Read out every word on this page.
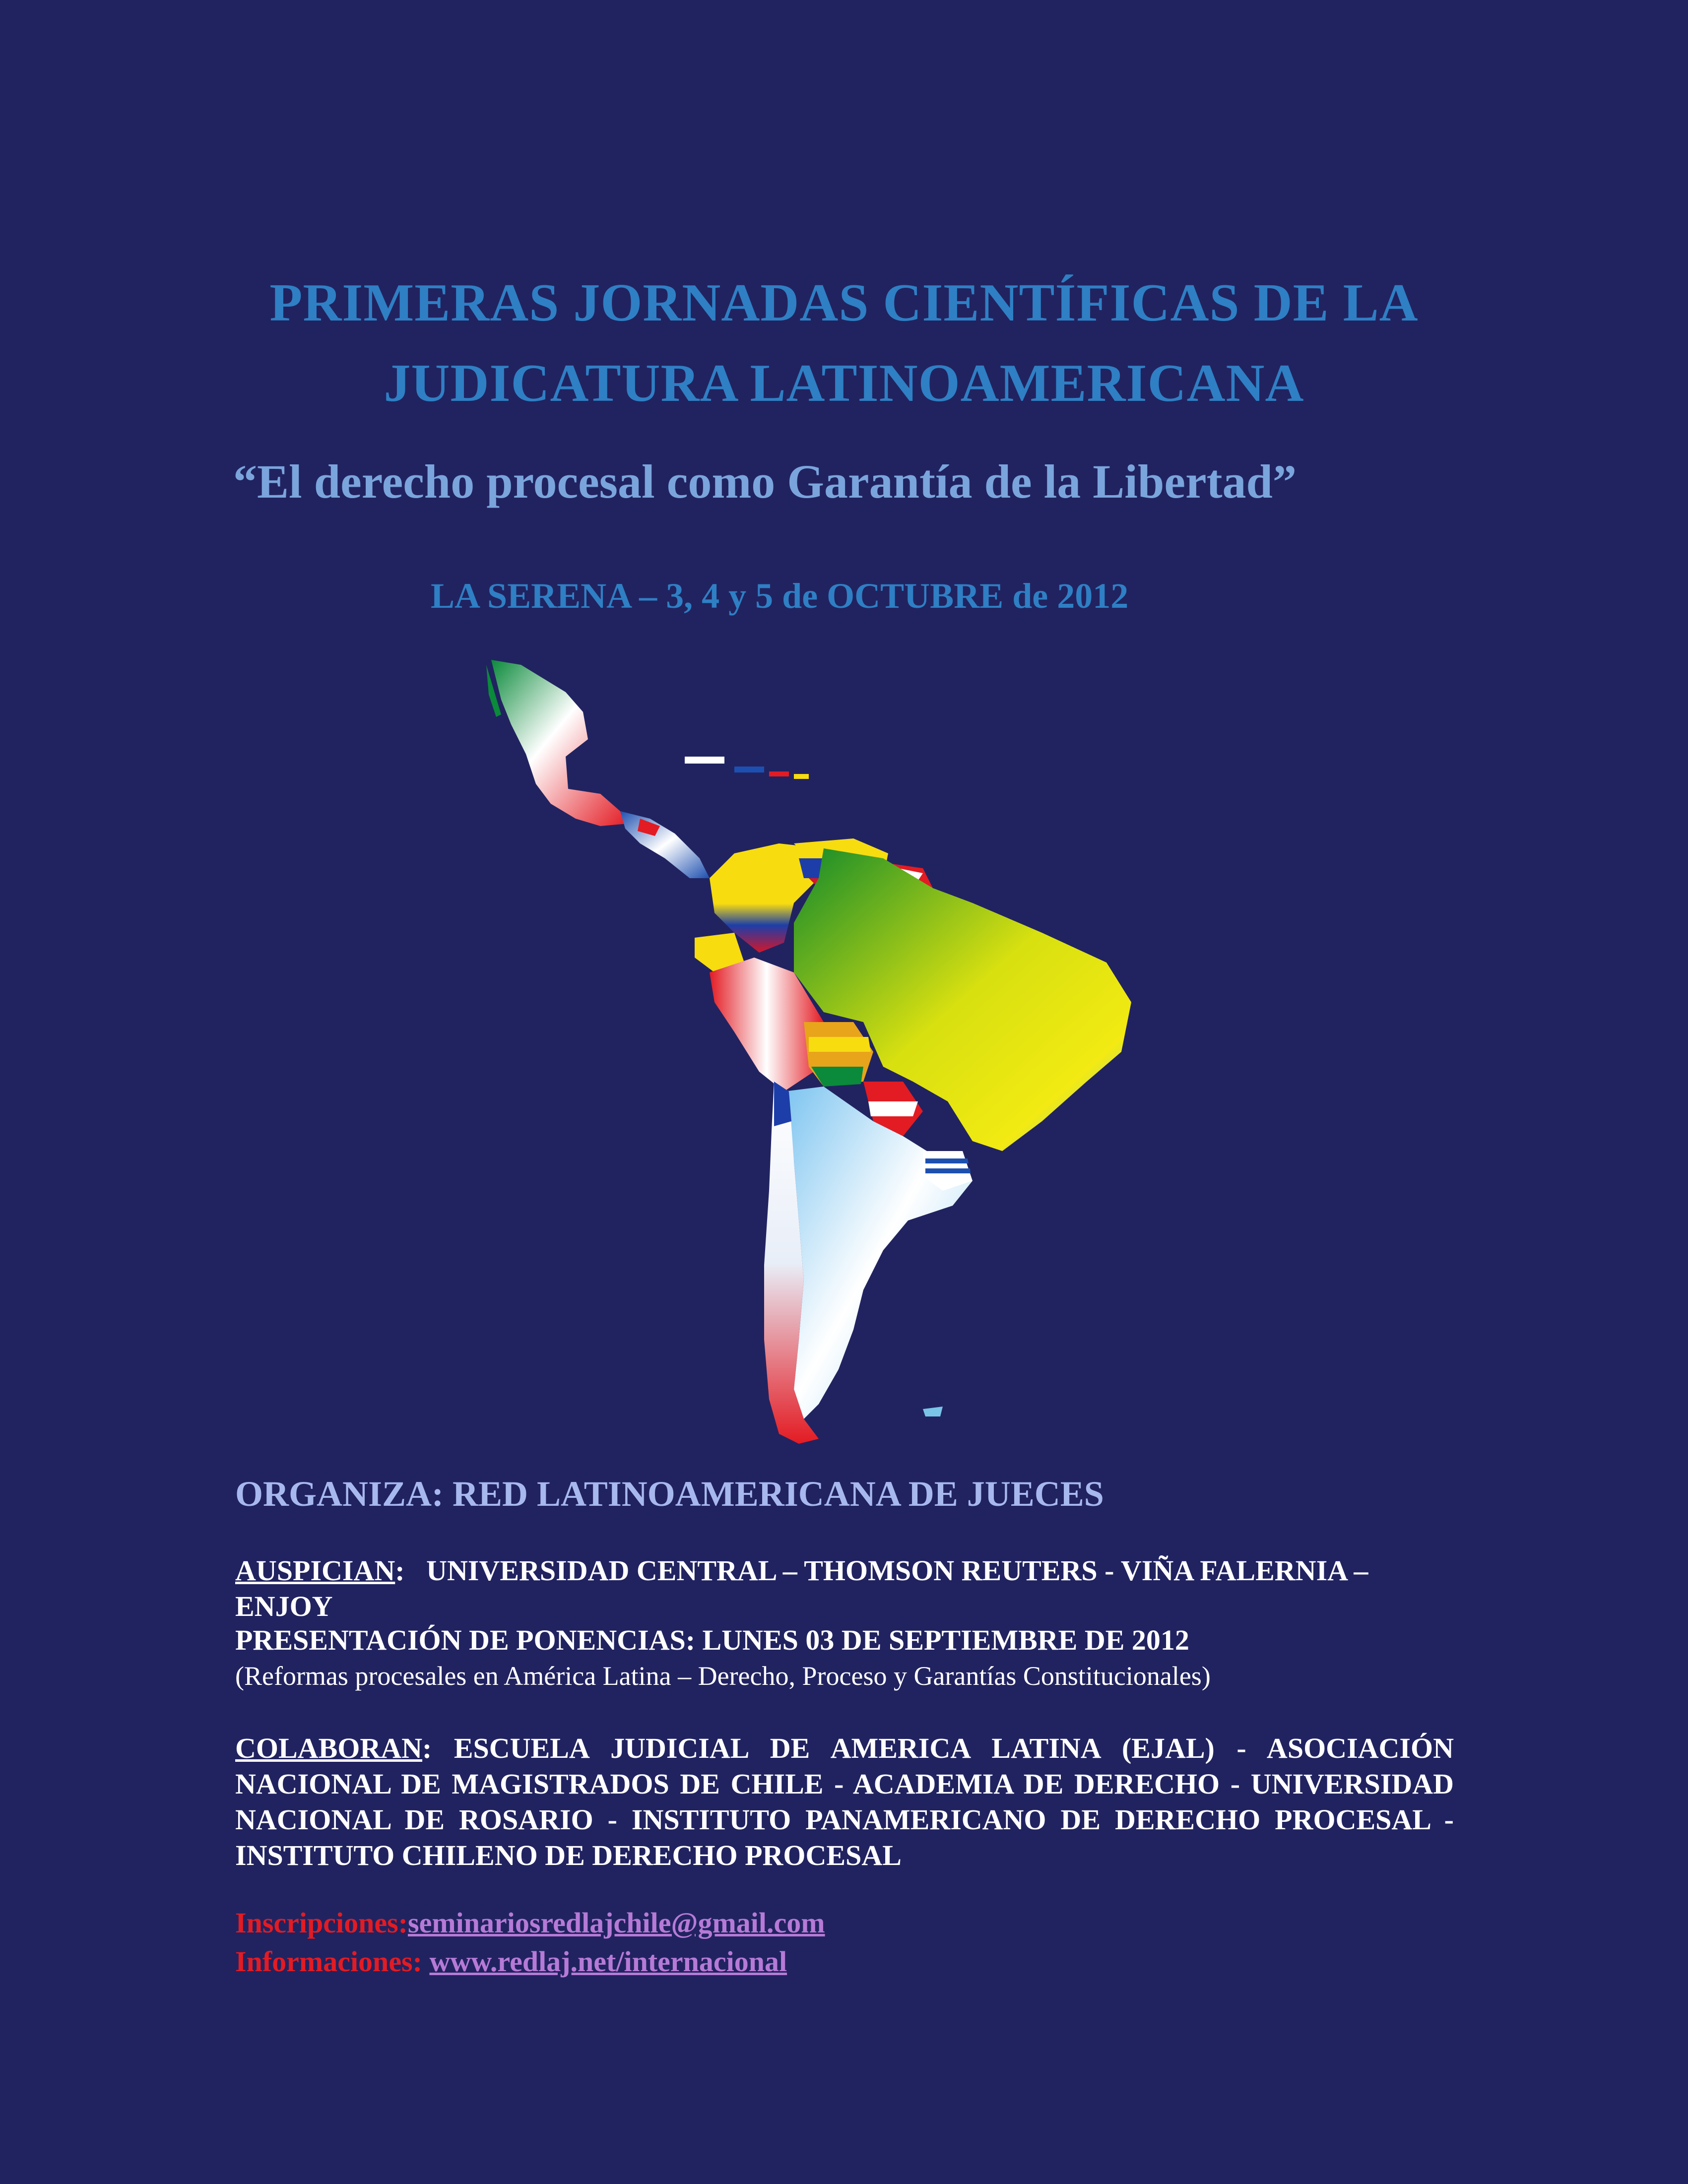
PRIMERAS JORNADAS CIENTÍFICAS DE LA
JUDICATURA LATINOAMERICANA
“El derecho procesal como Garantía de la Libertad”
LA SERENA – 3, 4 y 5 de OCTUBRE de 2012
ORGANIZA: RED LATINOAMERICANA DE JUECES
AUSPICIAN:   UNIVERSIDAD CENTRAL – THOMSON REUTERS - VIÑA FALERNIA – ENJOY
PRESENTACIÓN DE PONENCIAS: LUNES 03 DE SEPTIEMBRE DE 2012
(Reformas procesales en América Latina – Derecho, Proceso y Garantías Constitucionales)
COLABORAN: ESCUELA JUDICIAL DE AMERICA LATINA (EJAL) - ASOCIACIÓN NACIONAL DE MAGISTRADOS DE CHILE - ACADEMIA DE DERECHO - UNIVERSIDAD NACIONAL DE ROSARIO - INSTITUTO PANAMERICANO DE DERECHO PROCESAL - INSTITUTO CHILENO DE DERECHO PROCESAL
Inscripciones:seminariosredlajchile@gmail.com
Informaciones: www.redlaj.net/internacional
